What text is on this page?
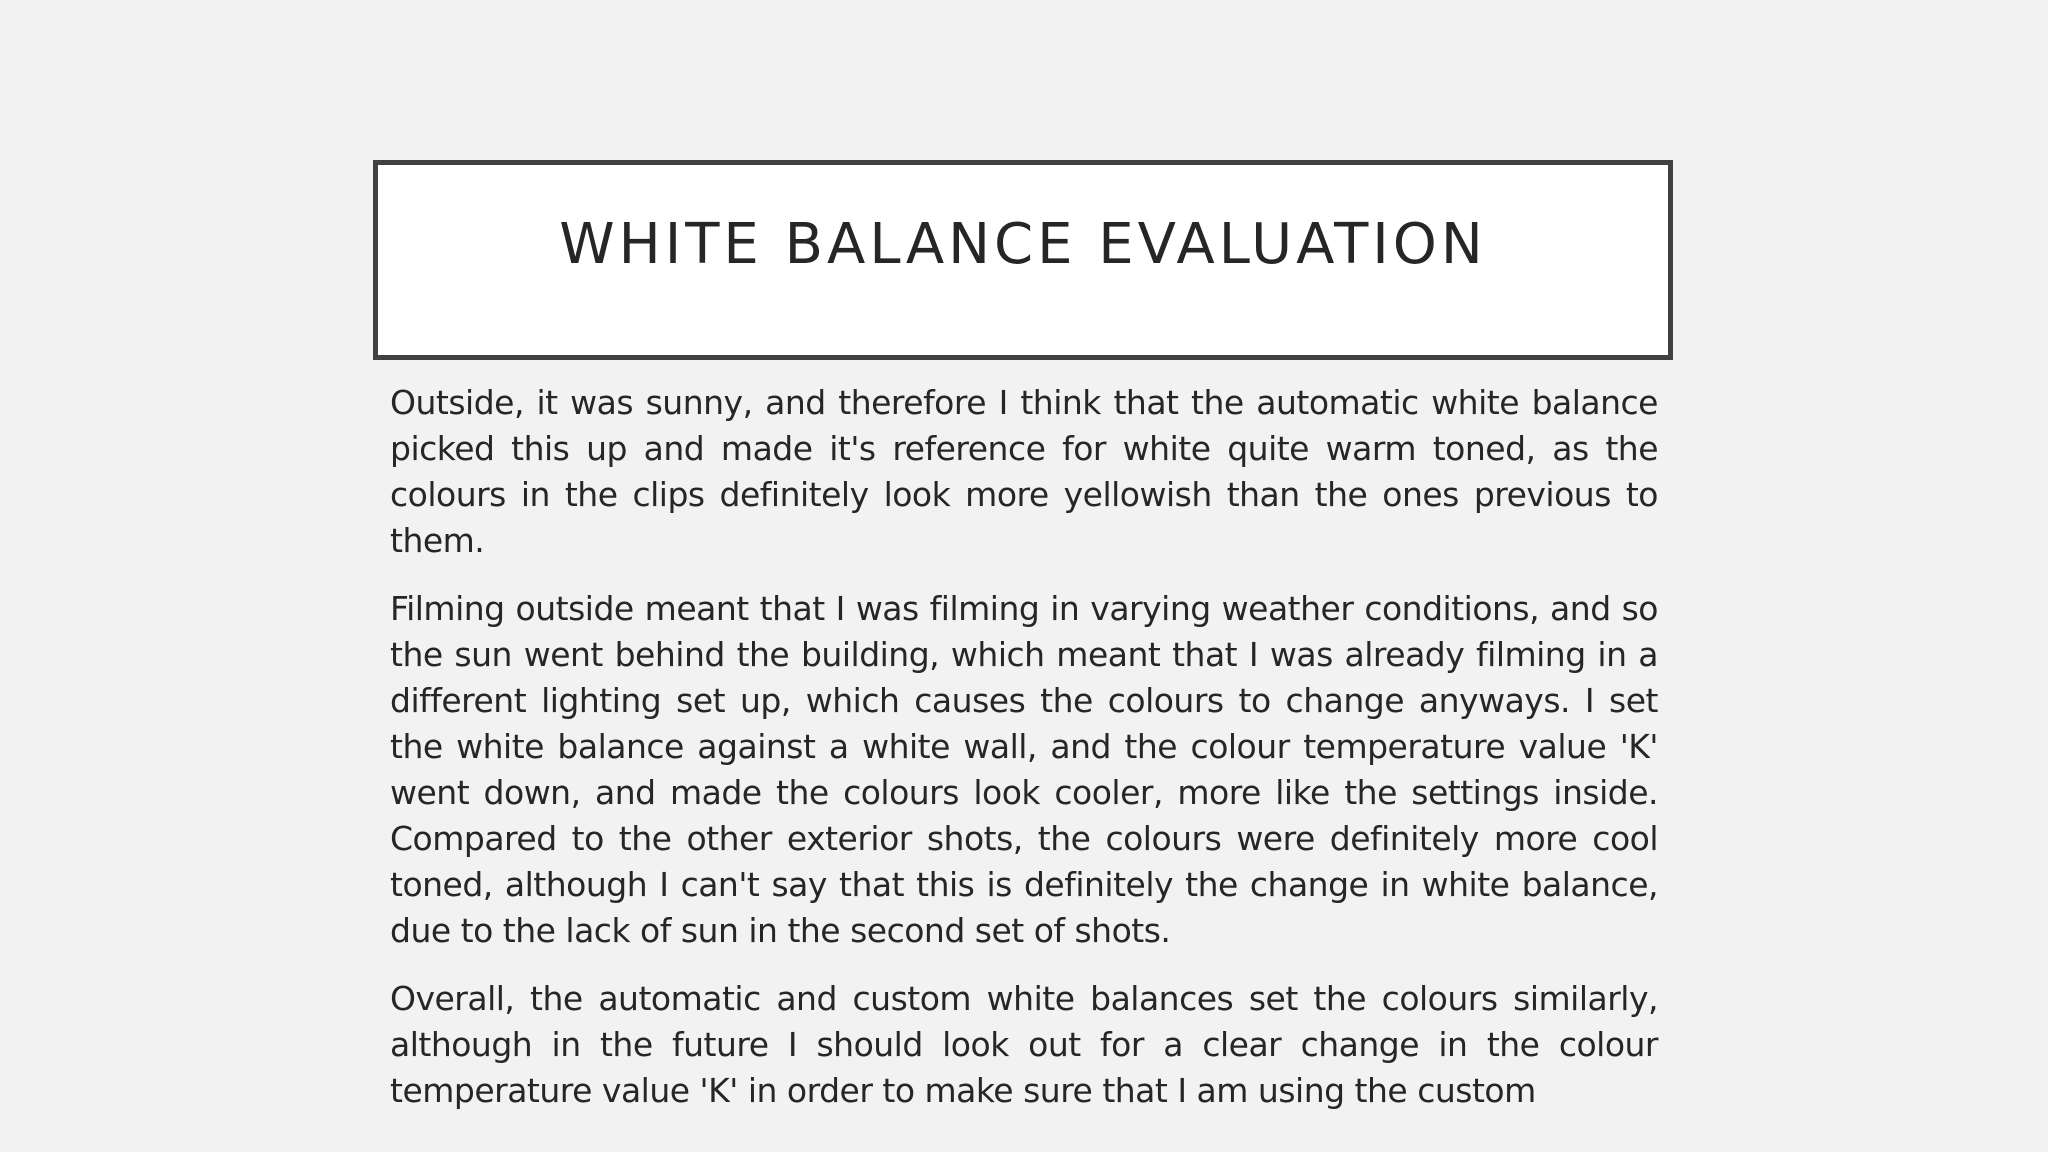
WHITE BALANCE EVALUATION

Outside, it was sunny, and therefore I think that the automatic white balance picked this up and made it's reference for white quite warm toned, as the colours in the clips definitely look more yellowish than the ones previous to them.

Filming outside meant that I was filming in varying weather conditions, and so the sun went behind the building, which meant that I was already filming in a different lighting set up, which causes the colours to change anyways. I set the white balance against a white wall, and the colour temperature value 'K' went down, and made the colours look cooler, more like the settings inside. Compared to the other exterior shots, the colours were definitely more cool toned, although I can't say that this is definitely the change in white balance, due to the lack of sun in the second set of shots.

Overall, the automatic and custom white balances set the colours similarly, although in the future I should look out for a clear change in the colour temperature value 'K' in order to make sure that I am using the custom
